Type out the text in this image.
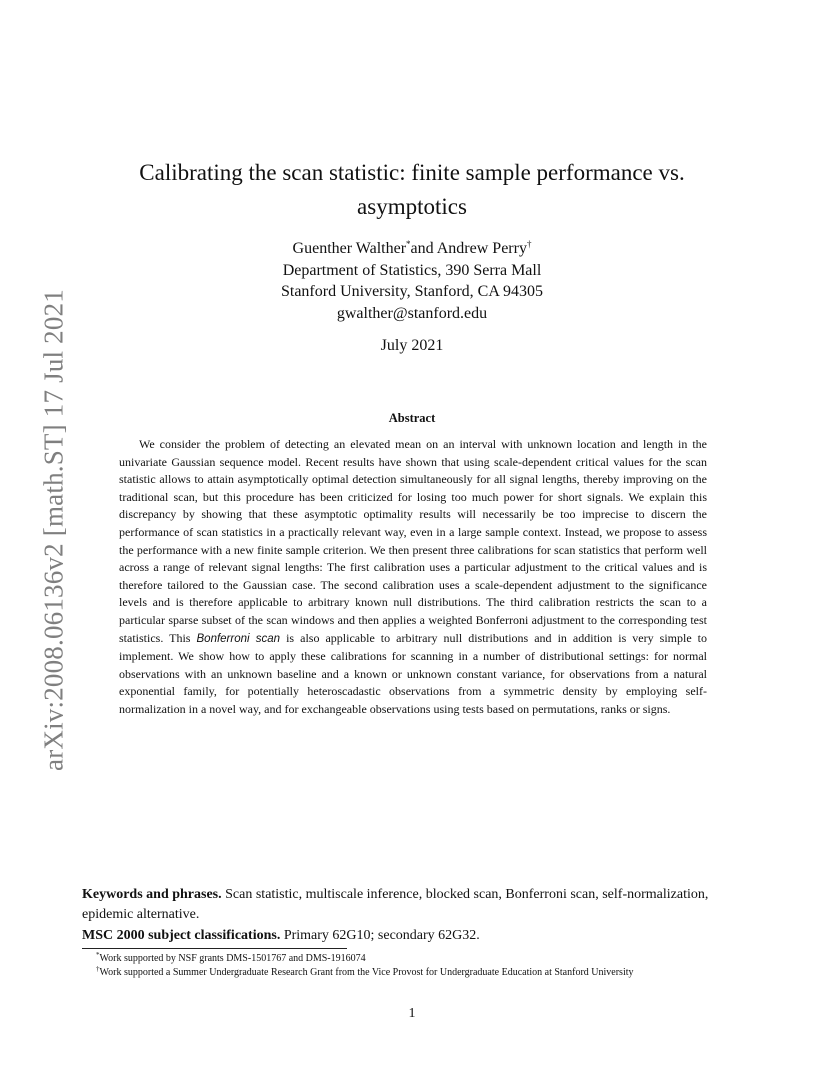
arXiv:2008.06136v2 [math.ST] 17 Jul 2021
Calibrating the scan statistic: finite sample performance vs. asymptotics
Guenther Walther*and Andrew Perry†
Department of Statistics, 390 Serra Mall
Stanford University, Stanford, CA 94305
gwalther@stanford.edu
July 2021
Abstract

We consider the problem of detecting an elevated mean on an interval with unknown location and length in the univariate Gaussian sequence model. Recent results have shown that using scale-dependent critical values for the scan statistic allows to attain asymptotically optimal detection simultaneously for all signal lengths, thereby improving on the traditional scan, but this procedure has been criticized for losing too much power for short signals. We explain this discrepancy by showing that these asymptotic optimality results will necessarily be too imprecise to discern the performance of scan statistics in a practically relevant way, even in a large sample context. Instead, we propose to assess the performance with a new finite sample criterion. We then present three calibrations for scan statistics that perform well across a range of relevant signal lengths: The first calibration uses a particular adjustment to the critical values and is therefore tailored to the Gaussian case. The second calibration uses a scale-dependent adjustment to the significance levels and is therefore applicable to arbitrary known null distributions. The third calibration restricts the scan to a particular sparse subset of the scan windows and then applies a weighted Bonferroni adjustment to the corresponding test statistics. This Bonferroni scan is also applicable to arbitrary null distributions and in addition is very simple to implement. We show how to apply these calibrations for scanning in a number of distributional settings: for normal observations with an unknown baseline and a known or unknown constant variance, for observations from a natural exponential family, for potentially heteroscadastic observations from a symmetric density by employing self-normalization in a novel way, and for exchangeable observations using tests based on permutations, ranks or signs.

Keywords and phrases. Scan statistic, multiscale inference, blocked scan, Bonferroni scan, self-normalization, epidemic alternative.

MSC 2000 subject classifications. Primary 62G10; secondary 62G32.

*Work supported by NSF grants DMS-1501767 and DMS-1916074
†Work supported a Summer Undergraduate Research Grant from the Vice Provost for Undergraduate Education at Stanford University
1
